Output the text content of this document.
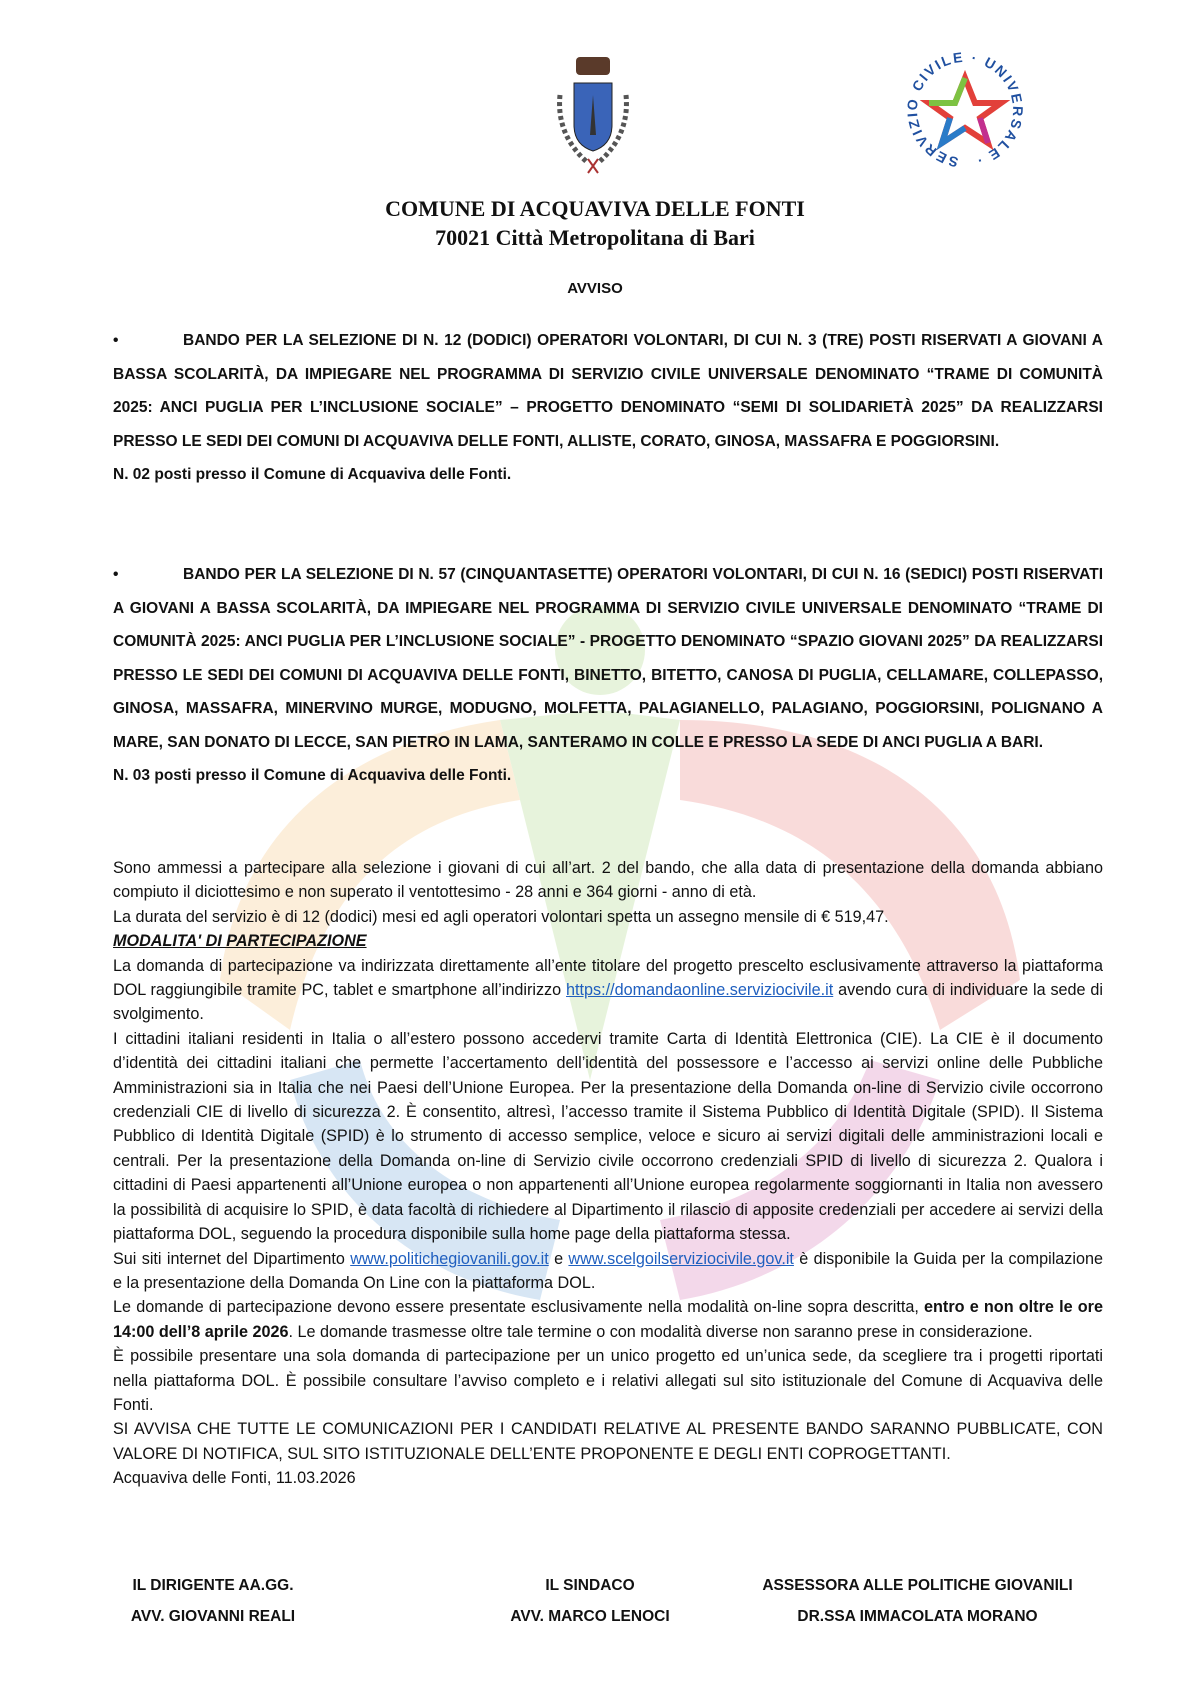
SERVIZIO CIVILE · UNIVERSALE ·
COMUNE DI ACQUAVIVA DELLE FONTI
70021 Città Metropolitana di Bari
AVVISO
•	BANDO PER LA SELEZIONE DI N. 12 (DODICI) OPERATORI VOLONTARI, DI CUI N. 3 (TRE) POSTI RISERVATI A GIOVANI A BASSA SCOLARITÀ, DA IMPIEGARE NEL PROGRAMMA DI SERVIZIO CIVILE UNIVERSALE DENOMINATO “TRAME DI COMUNITÀ 2025: ANCI PUGLIA PER L’INCLUSIONE SOCIALE” – PROGETTO DENOMINATO “SEMI DI SOLIDARIETÀ 2025” DA REALIZZARSI PRESSO LE SEDI DEI COMUNI DI ACQUAVIVA DELLE FONTI, ALLISTE, CORATO, GINOSA, MASSAFRA E POGGIORSINI.
N. 02 posti presso il Comune di Acquaviva delle Fonti.
•	BANDO PER LA SELEZIONE DI N. 57 (CINQUANTASETTE) OPERATORI VOLONTARI, DI CUI N. 16 (SEDICI) POSTI RISERVATI A GIOVANI A BASSA SCOLARITÀ, DA IMPIEGARE NEL PROGRAMMA DI SERVIZIO CIVILE UNIVERSALE DENOMINATO “TRAME DI COMUNITÀ 2025: ANCI PUGLIA PER L’INCLUSIONE SOCIALE” - PROGETTO DENOMINATO “SPAZIO GIOVANI 2025” DA REALIZZARSI PRESSO LE SEDI DEI COMUNI DI ACQUAVIVA DELLE FONTI, BINETTO, BITETTO, CANOSA DI PUGLIA, CELLAMARE, COLLEPASSO, GINOSA, MASSAFRA, MINERVINO MURGE, MODUGNO, MOLFETTA, PALAGIANELLO, PALAGIANO, POGGIORSINI, POLIGNANO A MARE, SAN DONATO DI LECCE, SAN PIETRO IN LAMA, SANTERAMO IN COLLE E PRESSO LA SEDE DI ANCI PUGLIA A BARI.
N. 03 posti presso il Comune di Acquaviva delle Fonti.

Sono ammessi a partecipare alla selezione i giovani di cui all’art. 2 del bando, che alla data di presentazione della domanda abbiano compiuto il diciottesimo e non superato il ventottesimo - 28 anni e 364 giorni - anno di età.

La durata del servizio è di 12 (dodici) mesi ed agli operatori volontari spetta un assegno mensile di € 519,47.

MODALITA' DI PARTECIPAZIONE

La domanda di partecipazione va indirizzata direttamente all’ente titolare del progetto prescelto esclusivamente attraverso la piattaforma DOL raggiungibile tramite PC, tablet e smartphone all’indirizzo https://domandaonline.serviziocivile.it avendo cura di individuare la sede di svolgimento.

I cittadini italiani residenti in Italia o all’estero possono accedervi tramite Carta di Identità Elettronica (CIE). La CIE è il documento d’identità dei cittadini italiani che permette l’accertamento dell’identità del possessore e l’accesso ai servizi online delle Pubbliche Amministrazioni sia in Italia che nei Paesi dell’Unione Europea. Per la presentazione della Domanda on-line di Servizio civile occorrono credenziali CIE di livello di sicurezza 2. È consentito, altresì, l’accesso tramite il Sistema Pubblico di Identità Digitale (SPID). Il Sistema Pubblico di Identità Digitale (SPID) è lo strumento di accesso semplice, veloce e sicuro ai servizi digitali delle amministrazioni locali e centrali. Per la presentazione della Domanda on-line di Servizio civile occorrono credenziali SPID di livello di sicurezza 2. Qualora i cittadini di Paesi appartenenti all’Unione europea o non appartenenti all’Unione europea regolarmente soggiornanti in Italia non avessero la possibilità di acquisire lo SPID, è data facoltà di richiedere al Dipartimento il rilascio di apposite credenziali per accedere ai servizi della piattaforma DOL, seguendo la procedura disponibile sulla home page della piattaforma stessa.

Sui siti internet del Dipartimento www.politichegiovanili.gov.it e www.scelgoilserviziocivile.gov.it è disponibile la Guida per la compilazione e la presentazione della Domanda On Line con la piattaforma DOL.

Le domande di partecipazione devono essere presentate esclusivamente nella modalità on-line sopra descritta, entro e non oltre le ore 14:00 dell’8 aprile 2026. Le domande trasmesse oltre tale termine o con modalità diverse non saranno prese in considerazione.

È possibile presentare una sola domanda di partecipazione per un unico progetto ed un’unica sede, da scegliere tra i progetti riportati nella piattaforma DOL. È possibile consultare l’avviso completo e i relativi allegati sul sito istituzionale del Comune di Acquaviva delle Fonti.

SI AVVISA CHE TUTTE LE COMUNICAZIONI PER I CANDIDATI RELATIVE AL PRESENTE BANDO SARANNO PUBBLICATE, CON VALORE DI NOTIFICA, SUL SITO ISTITUZIONALE DELL’ENTE PROPONENTE E DEGLI ENTI COPROGETTANTI.

Acquaviva delle Fonti, 11.03.2026

IL DIRIGENTE AA.GG.
AVV. GIOVANNI REALI
IL SINDACO
AVV. MARCO LENOCI
ASSESSORA ALLE POLITICHE GIOVANILI
DR.SSA IMMACOLATA MORANO
